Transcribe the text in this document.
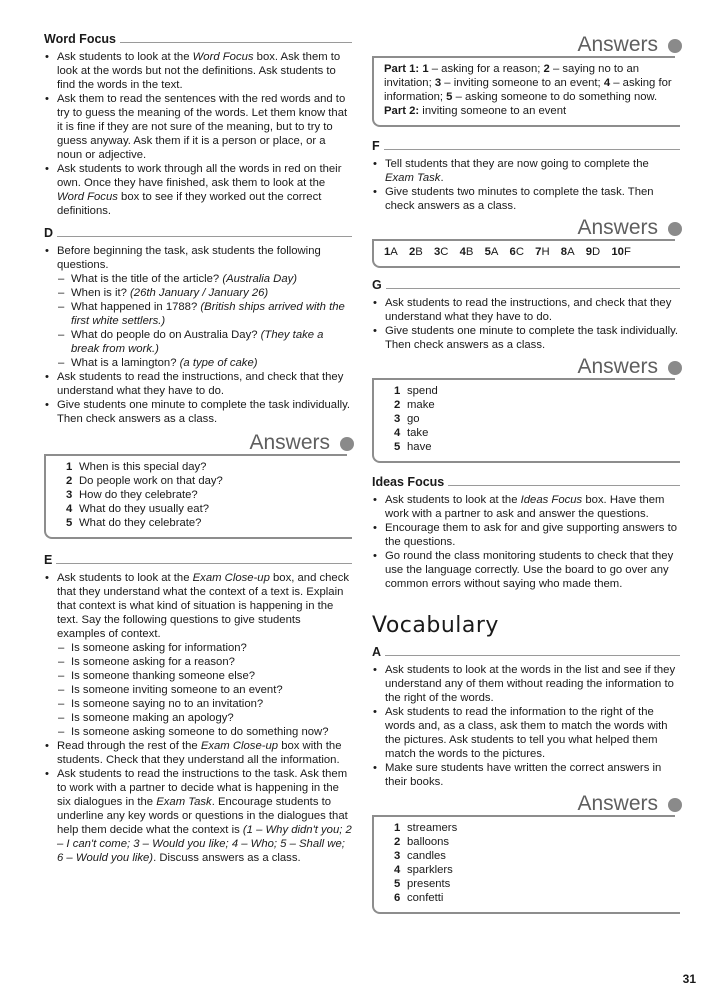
Word Focus
• Ask students to look at the Word Focus box. Ask them to look at the words but not the definitions. Ask students to find the words in the text.
• Ask them to read the sentences with the red words and to try to guess the meaning of the words. Let them know that it is fine if they are not sure of the meaning, but to try to guess anyway. Ask them if it is a person or place, or a noun or adjective.
• Ask students to work through all the words in red on their own. Once they have finished, ask them to look at the Word Focus box to see if they worked out the correct definitions.
D
• Before beginning the task, ask students the following questions.
– What is the title of the article? (Australia Day)
– When is it? (26th January / January 26)
– What happened in 1788? (British ships arrived with the first white settlers.)
– What do people do on Australia Day? (They take a break from work.)
– What is a lamington? (a type of cake)
• Ask students to read the instructions, and check that they understand what they have to do.
• Give students one minute to complete the task individually. Then check answers as a class.
Answers
1 When is this special day?
2 Do people work on that day?
3 How do they celebrate?
4 What do they usually eat?
5 What do they celebrate?
E
• Ask students to look at the Exam Close-up box, and check that they understand what the context of a text is. Explain that context is what kind of situation is happening in the text. Say the following questions to give students examples of context.
– Is someone asking for information?
– Is someone asking for a reason?
– Is someone thanking someone else?
– Is someone inviting someone to an event?
– Is someone saying no to an invitation?
– Is someone making an apology?
– Is someone asking someone to do something now?
• Read through the rest of the Exam Close-up box with the students. Check that they understand all the information.
• Ask students to read the instructions to the task. Ask them to work with a partner to decide what is happening in the six dialogues in the Exam Task. Encourage students to underline any key words or questions in the dialogues that help them decide what the context is (1 – Why didn't you; 2 – I can't come; 3 – Would you like; 4 – Who; 5 – Shall we; 6 – Would you like). Discuss answers as a class.
Answers
Part 1: 1 – asking for a reason; 2 – saying no to an invitation; 3 – inviting someone to an event; 4 – asking for information; 5 – asking someone to do something now.
Part 2: inviting someone to an event
F
• Tell students that they are now going to complete the Exam Task.
• Give students two minutes to complete the task. Then check answers as a class.
Answers
1A 2B 3C 4B 5A 6C 7H 8A 9D 10F
G
• Ask students to read the instructions, and check that they understand what they have to do.
• Give students one minute to complete the task individually. Then check answers as a class.
Answers
1 spend
2 make
3 go
4 take
5 have
Ideas Focus
• Ask students to look at the Ideas Focus box. Have them work with a partner to ask and answer the questions.
• Encourage them to ask for and give supporting answers to the questions.
• Go round the class monitoring students to check that they use the language correctly. Use the board to go over any common errors without saying who made them.
Vocabulary
A
• Ask students to look at the words in the list and see if they understand any of them without reading the information to the right of the words.
• Ask students to read the information to the right of the words and, as a class, ask them to match the words with the pictures. Ask students to tell you what helped them match the words to the pictures.
• Make sure students have written the correct answers in their books.
Answers
1 streamers
2 balloons
3 candles
4 sparklers
5 presents
6 confetti
31
